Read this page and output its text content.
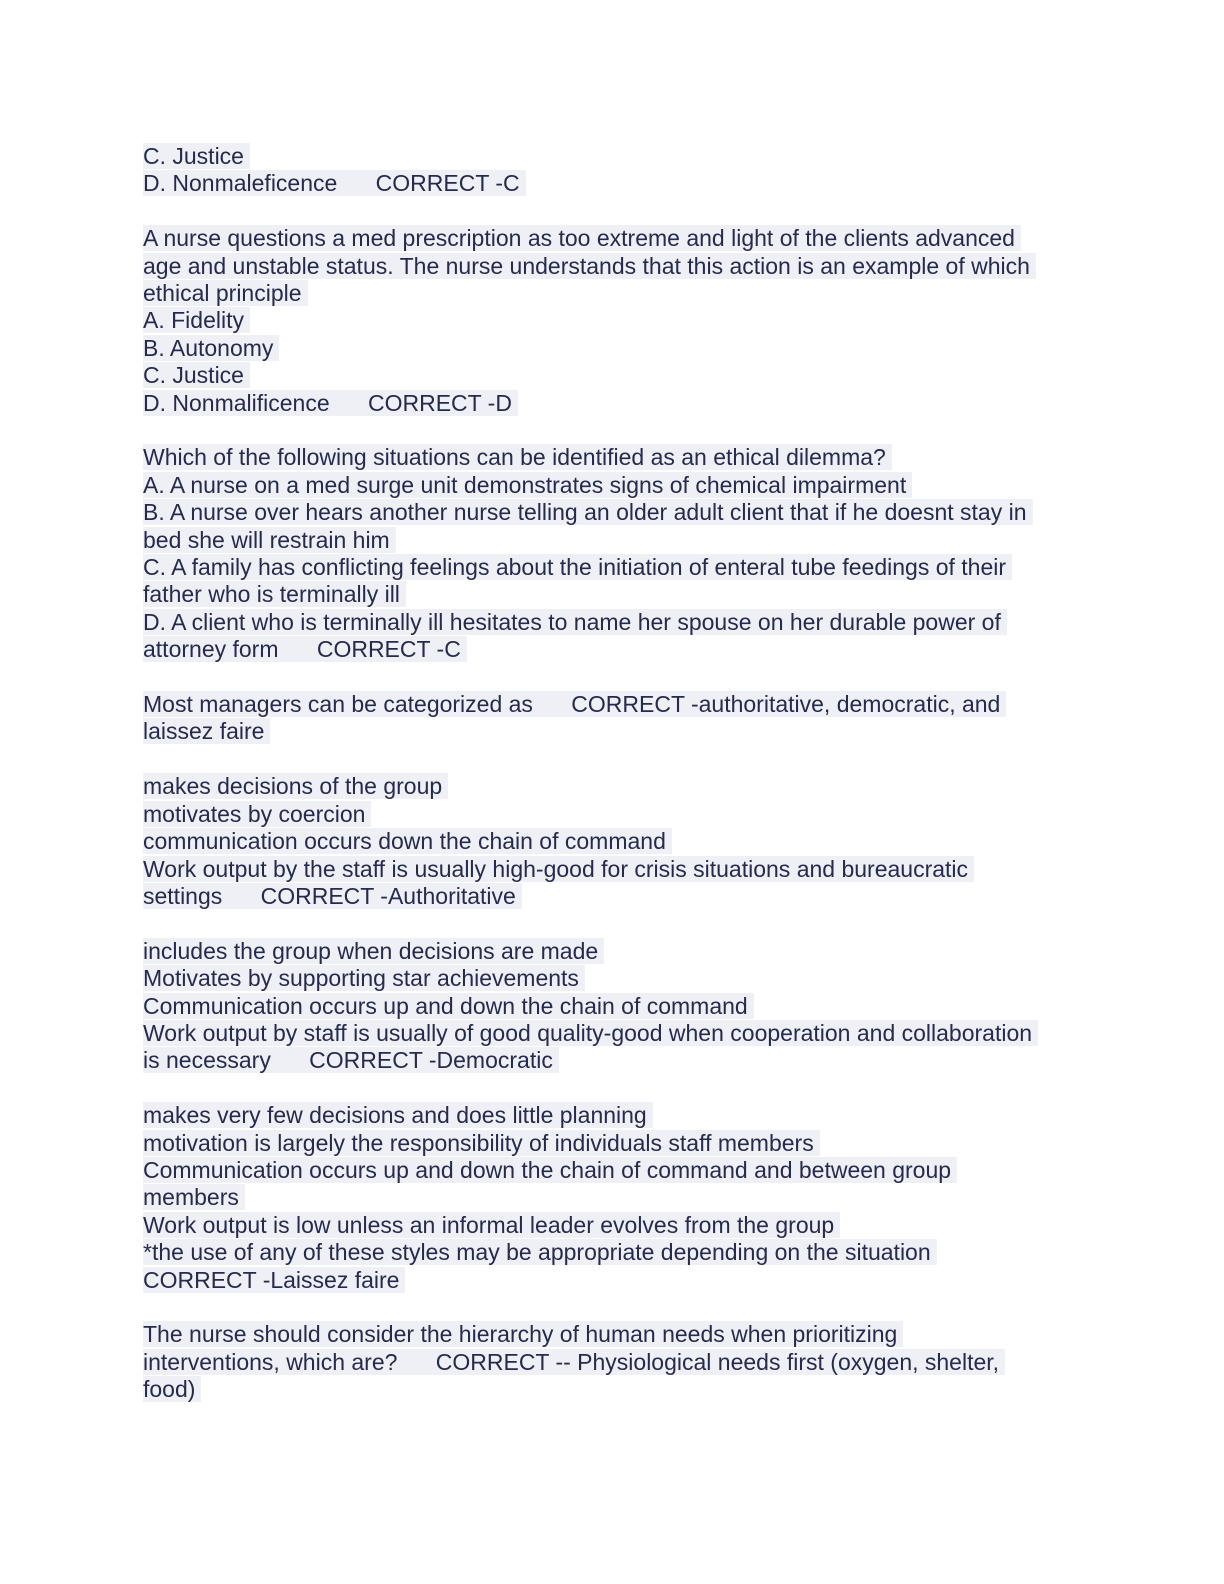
C. Justice
D. Nonmaleficence      CORRECT -C
A nurse questions a med prescription as too extreme and light of the clients advanced
age and unstable status. The nurse understands that this action is an example of which
ethical principle
A. Fidelity
B. Autonomy
C. Justice
D. Nonmalificence      CORRECT -D
Which of the following situations can be identified as an ethical dilemma?
A. A nurse on a med surge unit demonstrates signs of chemical impairment
B. A nurse over hears another nurse telling an older adult client that if he doesnt stay in
bed she will restrain him
C. A family has conflicting feelings about the initiation of enteral tube feedings of their
father who is terminally ill
D. A client who is terminally ill hesitates to name her spouse on her durable power of
attorney form      CORRECT -C
Most managers can be categorized as      CORRECT -authoritative, democratic, and
laissez faire
makes decisions of the group
motivates by coercion
communication occurs down the chain of command
Work output by the staff is usually high-good for crisis situations and bureaucratic
settings      CORRECT -Authoritative
includes the group when decisions are made
Motivates by supporting star achievements
Communication occurs up and down the chain of command
Work output by staff is usually of good quality-good when cooperation and collaboration
is necessary      CORRECT -Democratic
makes very few decisions and does little planning
motivation is largely the responsibility of individuals staff members
Communication occurs up and down the chain of command and between group
members
Work output is low unless an informal leader evolves from the group
*the use of any of these styles may be appropriate depending on the situation
CORRECT -Laissez faire
The nurse should consider the hierarchy of human needs when prioritizing
interventions, which are?      CORRECT -- Physiological needs first (oxygen, shelter,
food)
